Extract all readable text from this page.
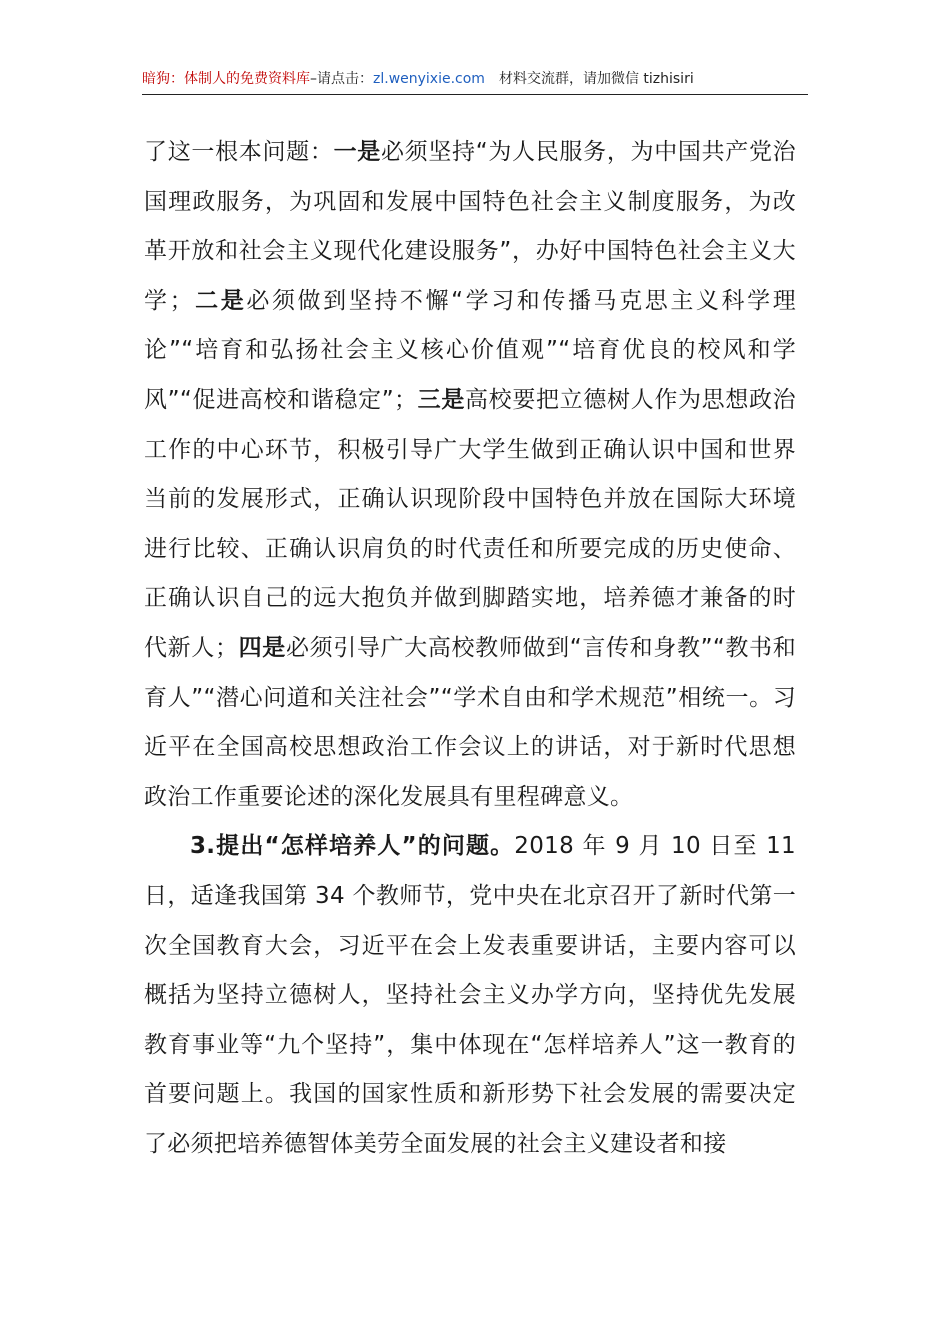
暗狗：体制人的免费资料库–请点击：zl.wenyixie.com 材料交流群，请加微信 tizhisiri

了这一根本问题：一是必须坚持“为人民服务，为中国共产党治国理政服务，为巩固和发展中国特色社会主义制度服务，为改革开放和社会主义现代化建设服务”，办好中国特色社会主义大学；二是必须做到坚持不懈“学习和传播马克思主义科学理论”“培育和弘扬社会主义核心价值观”“培育优良的校风和学风”“促进高校和谐稳定”；三是高校要把立德树人作为思想政治工作的中心环节，积极引导广大学生做到正确认识中国和世界当前的发展形式，正确认识现阶段中国特色并放在国际大环境进行比较、正确认识肩负的时代责任和所要完成的历史使命、正确认识自己的远大抱负并做到脚踏实地，培养德才兼备的时代新人；四是必须引导广大高校教师做到“言传和身教”“教书和育人”“潜心问道和关注社会”“学术自由和学术规范”相统一。习近平在全国高校思想政治工作会议上的讲话，对于新时代思想政治工作重要论述的深化发展具有里程碑意义。

3.提出“怎样培养人”的问题。2018 年 9 月 10 日至 11 日，适逢我国第 34 个教师节，党中央在北京召开了新时代第一次全国教育大会，习近平在会上发表重要讲话，主要内容可以概括为坚持立德树人，坚持社会主义办学方向，坚持优先发展教育事业等“九个坚持”，集中体现在“怎样培养人”这一教育的首要问题上。我国的国家性质和新形势下社会发展的需要决定了必须把培养德智体美劳全面发展的社会主义建设者和接
